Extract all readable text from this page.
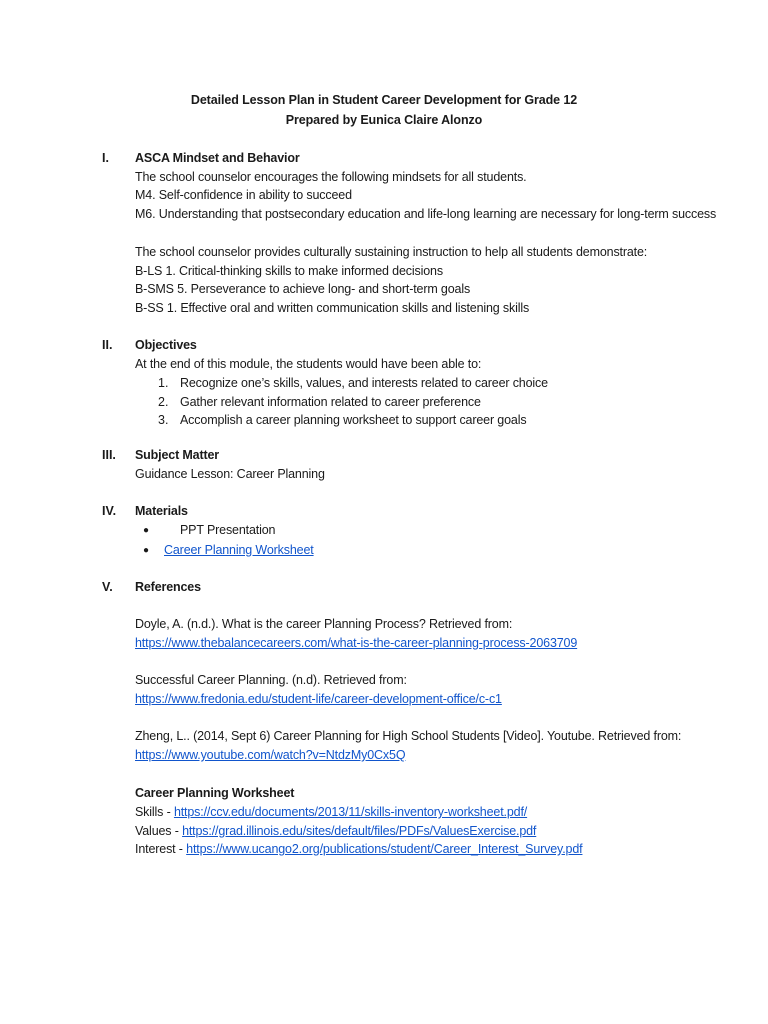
Detailed Lesson Plan in Student Career Development for Grade 12
Prepared by Eunica Claire Alonzo
I. ASCA Mindset and Behavior
The school counselor encourages the following mindsets for all students.
M4. Self-confidence in ability to succeed
M6. Understanding that postsecondary education and life-long learning are necessary for long-term success
The school counselor provides culturally sustaining instruction to help all students demonstrate:
B-LS 1. Critical-thinking skills to make informed decisions
B-SMS 5. Perseverance to achieve long- and short-term goals
B-SS 1. Effective oral and written communication skills and listening skills
II. Objectives
At the end of this module, the students would have been able to:
1. Recognize one’s skills, values, and interests related to career choice
2. Gather relevant information related to career preference
3. Accomplish a career planning worksheet to support career goals
III. Subject Matter
Guidance Lesson: Career Planning
IV. Materials
● PPT Presentation
● Career Planning Worksheet
V. References
Doyle, A. (n.d.). What is the career Planning Process? Retrieved from:
https://www.thebalancecareers.com/what-is-the-career-planning-process-2063709
Successful Career Planning. (n.d). Retrieved from:
https://www.fredonia.edu/student-life/career-development-office/c-c1
Zheng, L.. (2014, Sept 6) Career Planning for High School Students [Video]. Youtube. Retrieved from:
https://www.youtube.com/watch?v=NtdzMy0Cx5Q
Career Planning Worksheet
Skills - https://ccv.edu/documents/2013/11/skills-inventory-worksheet.pdf/
Values - https://grad.illinois.edu/sites/default/files/PDFs/ValuesExercise.pdf
Interest - https://www.ucango2.org/publications/student/Career_Interest_Survey.pdf
